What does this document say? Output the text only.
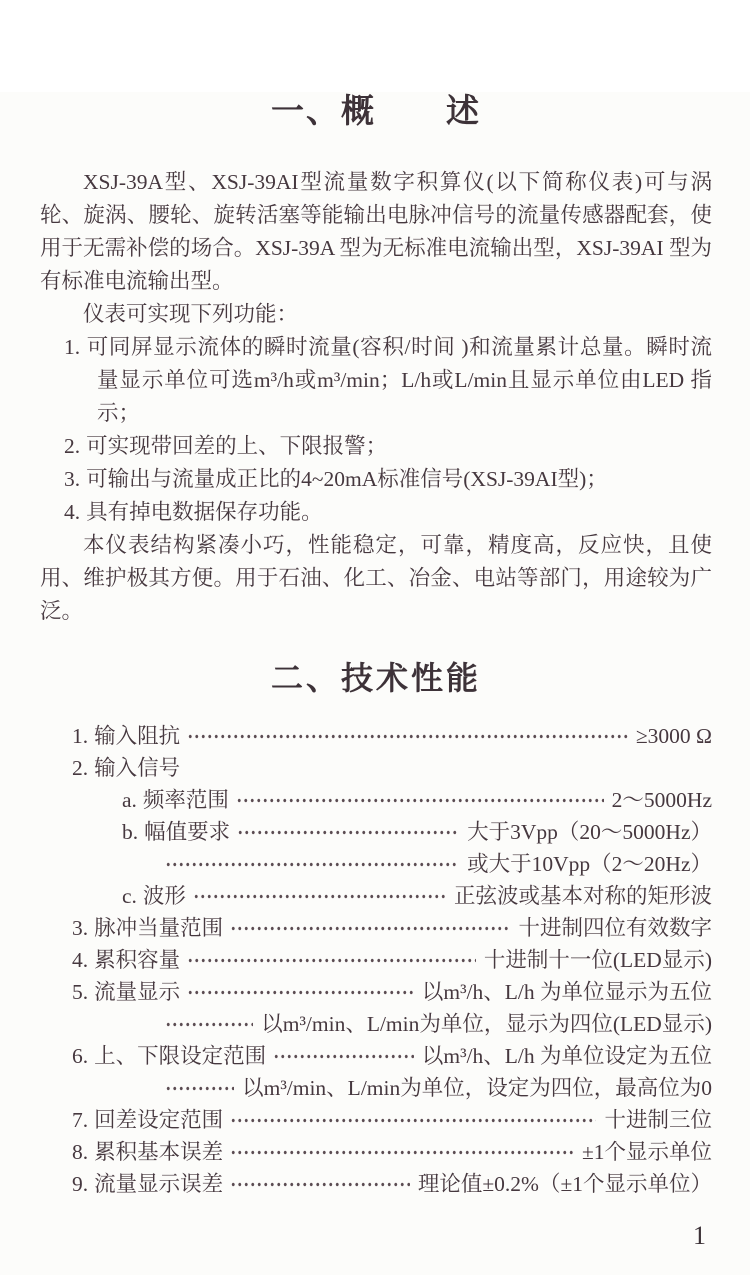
一、概　　述

XSJ-39A型、XSJ-39AI型流量数字积算仪(以下简称仪表)可与涡轮、旋涡、腰轮、旋转活塞等能输出电脉冲信号的流量传感器配套，使用于无需补偿的场合。XSJ-39A 型为无标准电流输出型，XSJ-39AI 型为有标准电流输出型。

仪表可实现下列功能：

1. 可同屏显示流体的瞬时流量(容积/时间 )和流量累计总量。瞬时流量显示单位可选m³/h或m³/min；L/h或L/min且显示单位由LED 指示；

2. 可实现带回差的上、下限报警；

3. 可输出与流量成正比的4~20mA标准信号(XSJ-39AI型)；

4. 具有掉电数据保存功能。

本仪表结构紧凑小巧，性能稳定，可靠，精度高，反应快，且使用、维护极其方便。用于石油、化工、冶金、电站等部门，用途较为广泛。

二、技术性能
1. 输入阻抗	≥3000 Ω
2. 输入信号
a. 频率范围	2～5000Hz
b. 幅值要求	大于3Vpp（20～5000Hz）
或大于10Vpp（2～20Hz）
c. 波形	正弦波或基本对称的矩形波
3. 脉冲当量范围	十进制四位有效数字
4. 累积容量	十进制十一位(LED显示)
5. 流量显示	以m³/h、L/h 为单位显示为五位
以m³/min、L/min为单位，显示为四位(LED显示)
6. 上、下限设定范围	以m³/h、L/h 为单位设定为五位
以m³/min、L/min为单位，设定为四位，最高位为0
7. 回差设定范围	十进制三位
8. 累积基本误差	±1个显示单位
9. 流量显示误差	理论值±0.2%（±1个显示单位）
1
